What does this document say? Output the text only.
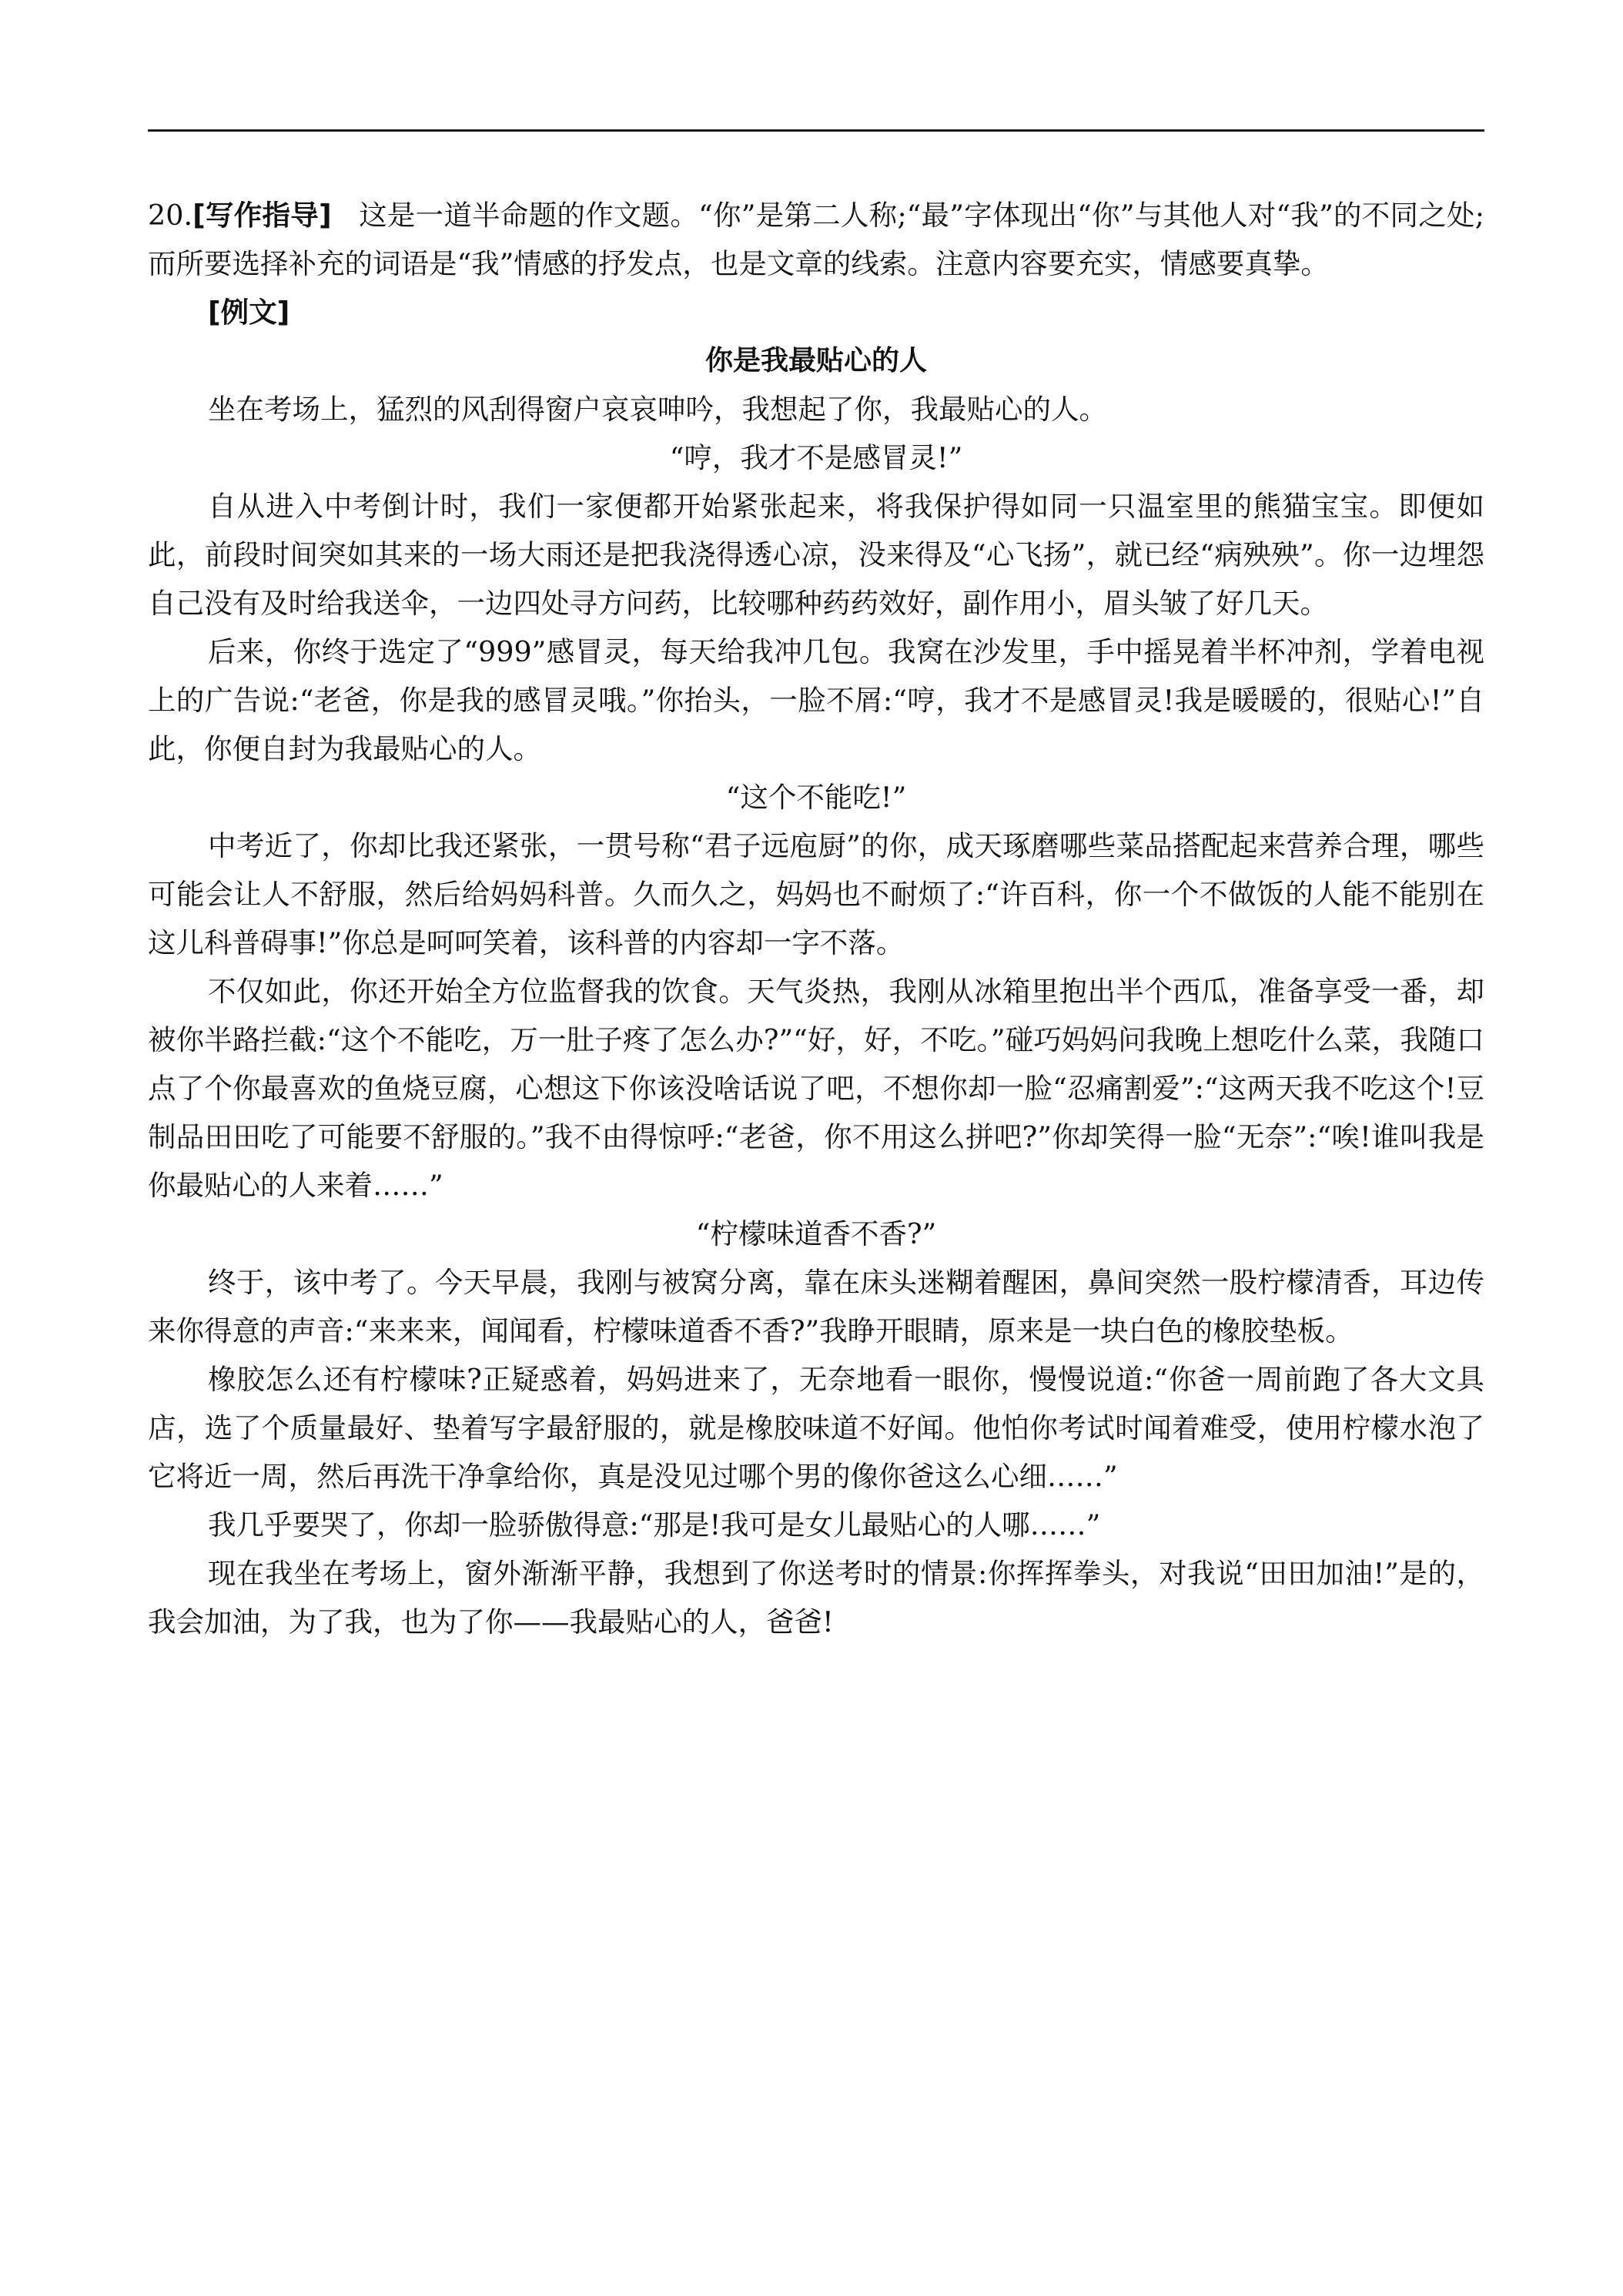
20.[写作指导] 这是一道半命题的作文题。“你”是第二人称;“最”字体现出“你”与其他人对“我”的不同之处;而所要选择补充的词语是“我”情感的抒发点，也是文章的线索。注意内容要充实，情感要真挚。

[例文]

你是我最贴心的人

坐在考场上，猛烈的风刮得窗户哀哀呻吟，我想起了你，我最贴心的人。

“哼，我才不是感冒灵!”

自从进入中考倒计时，我们一家便都开始紧张起来，将我保护得如同一只温室里的熊猫宝宝。即便如此，前段时间突如其来的一场大雨还是把我浇得透心凉，没来得及“心飞扬”，就已经“病殃殃”。你一边埋怨自己没有及时给我送伞，一边四处寻方问药，比较哪种药药效好，副作用小，眉头皱了好几天。

后来，你终于选定了“999”感冒灵，每天给我冲几包。我窝在沙发里，手中摇晃着半杯冲剂，学着电视上的广告说:“老爸，你是我的感冒灵哦。”你抬头，一脸不屑:“哼，我才不是感冒灵!我是暖暖的，很贴心!”自此，你便自封为我最贴心的人。

“这个不能吃!”

中考近了，你却比我还紧张，一贯号称“君子远庖厨”的你，成天琢磨哪些菜品搭配起来营养合理，哪些可能会让人不舒服，然后给妈妈科普。久而久之，妈妈也不耐烦了:“许百科，你一个不做饭的人能不能别在这儿科普碍事!”你总是呵呵笑着，该科普的内容却一字不落。

不仅如此，你还开始全方位监督我的饮食。天气炎热，我刚从冰箱里抱出半个西瓜，准备享受一番，却被你半路拦截:“这个不能吃，万一肚子疼了怎么办?”“好，好，不吃。”碰巧妈妈问我晚上想吃什么菜，我随口点了个你最喜欢的鱼烧豆腐，心想这下你该没啥话说了吧，不想你却一脸“忍痛割爱”:“这两天我不吃这个!豆制品田田吃了可能要不舒服的。”我不由得惊呼:“老爸，你不用这么拼吧?”你却笑得一脸“无奈”:“唉!谁叫我是你最贴心的人来着……”

“柠檬味道香不香?”

终于，该中考了。今天早晨，我刚与被窝分离，靠在床头迷糊着醒困，鼻间突然一股柠檬清香，耳边传来你得意的声音:“来来来，闻闻看，柠檬味道香不香?”我睁开眼睛，原来是一块白色的橡胶垫板。

橡胶怎么还有柠檬味?正疑惑着，妈妈进来了，无奈地看一眼你，慢慢说道:“你爸一周前跑了各大文具店，选了个质量最好、垫着写字最舒服的，就是橡胶味道不好闻。他怕你考试时闻着难受，使用柠檬水泡了它将近一周，然后再洗干净拿给你，真是没见过哪个男的像你爸这么心细……”

我几乎要哭了，你却一脸骄傲得意:“那是!我可是女儿最贴心的人哪……”

现在我坐在考场上，窗外渐渐平静，我想到了你送考时的情景:你挥挥拳头，对我说“田田加油!”是的，我会加油，为了我，也为了你——我最贴心的人，爸爸!
